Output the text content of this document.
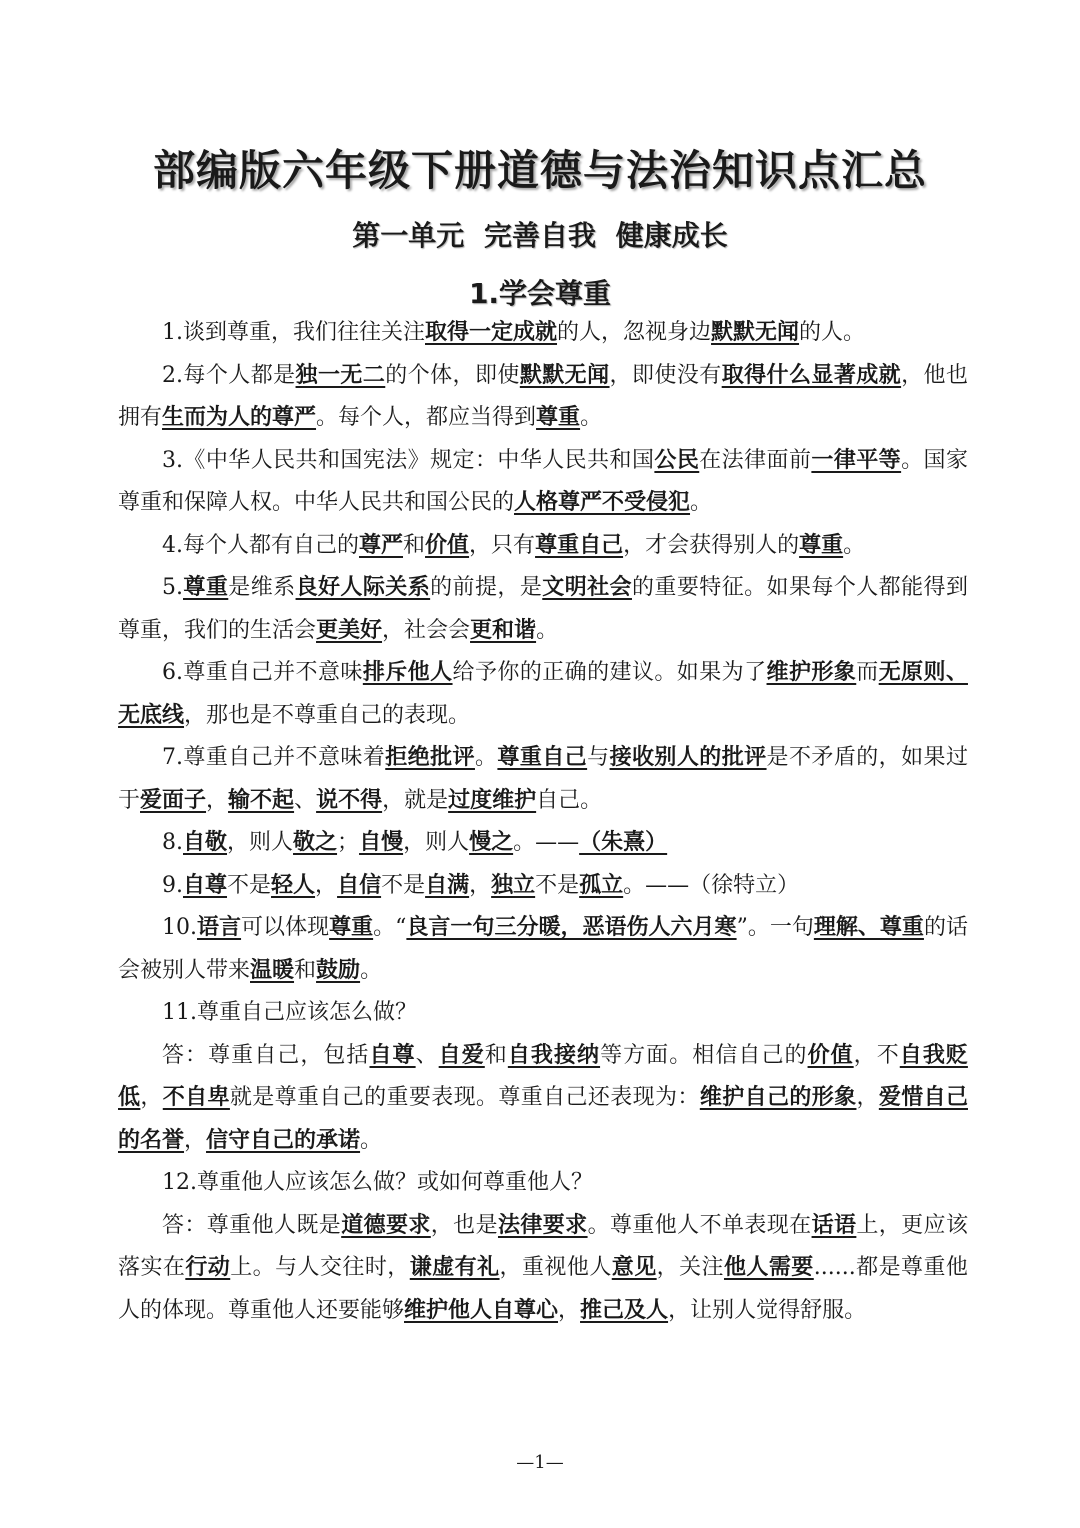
部编版六年级下册道德与法治知识点汇总
第一单元 完善自我 健康成长
1.学会尊重

1.谈到尊重，我们往往关注取得一定成就的人，忽视身边默默无闻的人。

2.每个人都是独一无二的个体，即使默默无闻，即使没有取得什么显著成就，他也拥有生而为人的尊严。每个人，都应当得到尊重。

3.《中华人民共和国宪法》规定：中华人民共和国公民在法律面前一律平等。国家尊重和保障人权。中华人民共和国公民的人格尊严不受侵犯。

4.每个人都有自己的尊严和价值，只有尊重自己，才会获得别人的尊重。

5.尊重是维系良好人际关系的前提，是文明社会的重要特征。如果每个人都能得到尊重，我们的生活会更美好，社会会更和谐。

6.尊重自己并不意味排斥他人给予你的正确的建议。如果为了维护形象而无原则、无底线，那也是不尊重自己的表现。

7.尊重自己并不意味着拒绝批评。尊重自己与接收别人的批评是不矛盾的，如果过于爱面子，输不起、说不得，就是过度维护自己。

8.自敬，则人敬之；自慢，则人慢之。——（朱熹）

9.自尊不是轻人，自信不是自满，独立不是孤立。——（徐特立）

10.语言可以体现尊重。“良言一句三分暖，恶语伤人六月寒”。一句理解、尊重的话会被别人带来温暖和鼓励。

11.尊重自己应该怎么做？

答：尊重自己，包括自尊、自爱和自我接纳等方面。相信自己的价值，不自我贬低，不自卑就是尊重自己的重要表现。尊重自己还表现为：维护自己的形象，爱惜自己的名誉，信守自己的承诺。

12.尊重他人应该怎么做？或如何尊重他人？

答：尊重他人既是道德要求，也是法律要求。尊重他人不单表现在话语上，更应该落实在行动上。与人交往时，谦虚有礼，重视他人意见，关注他人需要......都是尊重他人的体现。尊重他人还要能够维护他人自尊心，推己及人，让别人觉得舒服。

—1—
